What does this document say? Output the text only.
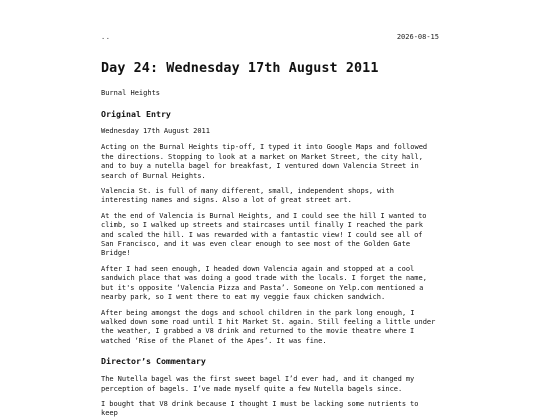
..	2026-08-15
Day 24: Wednesday 17th August 2011
Burnal Heights
Original Entry

Wednesday 17th August 2011

Acting on the Burnal Heights tip-off, I typed it into Google Maps and followed the directions. Stopping to look at a market on Market Street, the city hall, and to buy a nutella bagel for breakfast, I ventured down Valencia Street in search of Burnal Heights.

Valencia St. is full of many different, small, independent shops, with interesting names and signs. Also a lot of great street art.

At the end of Valencia is Burnal Heights, and I could see the hill I wanted to climb, so I walked up streets and staircases until finally I reached the park and scaled the hill. I was rewarded with a fantastic view! I could see all of San Francisco, and it was even clear enough to see most of the Golden Gate Bridge!

After I had seen enough, I headed down Valencia again and stopped at a cool sandwich place that was doing a good trade with the locals. I forget the name, but it's opposite ‘Valencia Pizza and Pasta’. Someone on Yelp.com mentioned a nearby park, so I went there to eat my veggie faux chicken sandwich.

After being amongst the dogs and school children in the park long enough, I walked down some road until I hit Market St. again. Still feeling a little under the weather, I grabbed a V8 drink and returned to the movie theatre where I watched ‘Rise of the Planet of the Apes’. It was fine.

Director’s Commentary

The Nutella bagel was the first sweet bagel I’d ever had, and it changed my perception of bagels. I’ve made myself quite a few Nutella bagels since.

I bought that V8 drink because I thought I must be lacking some nutrients to keep
